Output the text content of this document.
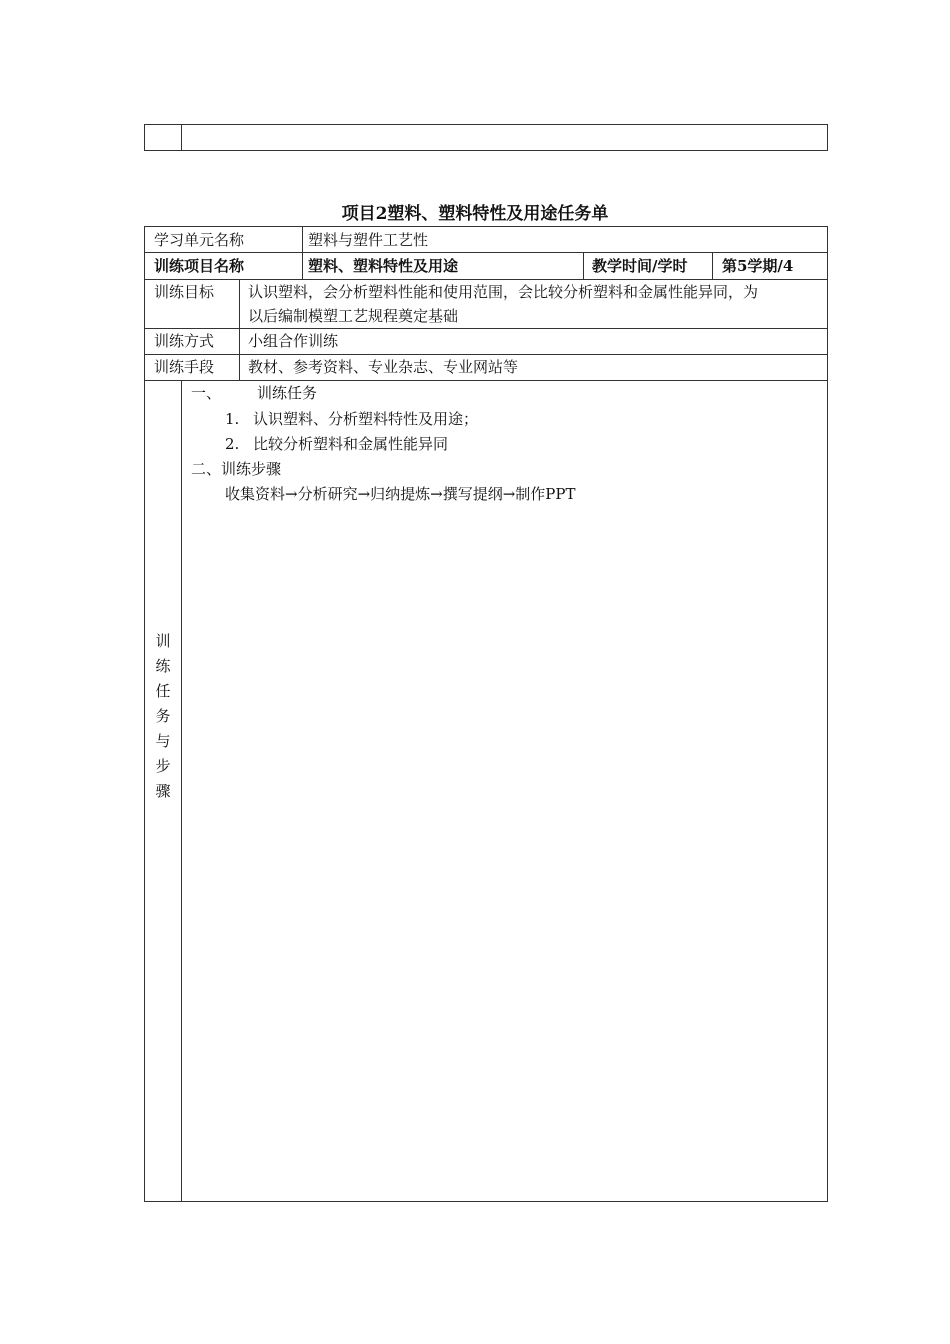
项目2塑料、塑料特性及用途任务单
学习单元名称	塑料与塑件工艺性
训练项目名称	塑料、塑料特性及用途	教学时间/学时 第5学期/4
训练目标 认识塑料，会分析塑料性能和使用范围，会比较分析塑料和金属性能异同，为
以后编制模塑工艺规程奠定基础
训练方式 小组合作训练
训练手段 教材、参考资料、专业杂志、专业网站等
训
练
任
务
与
步
骤
一、 训练任务
1. 认识塑料、分析塑料特性及用途；
2. 比较分析塑料和金属性能异同
二、训练步骤
收集资料→分析研究→归纳提炼→撰写提纲→制作PPT
